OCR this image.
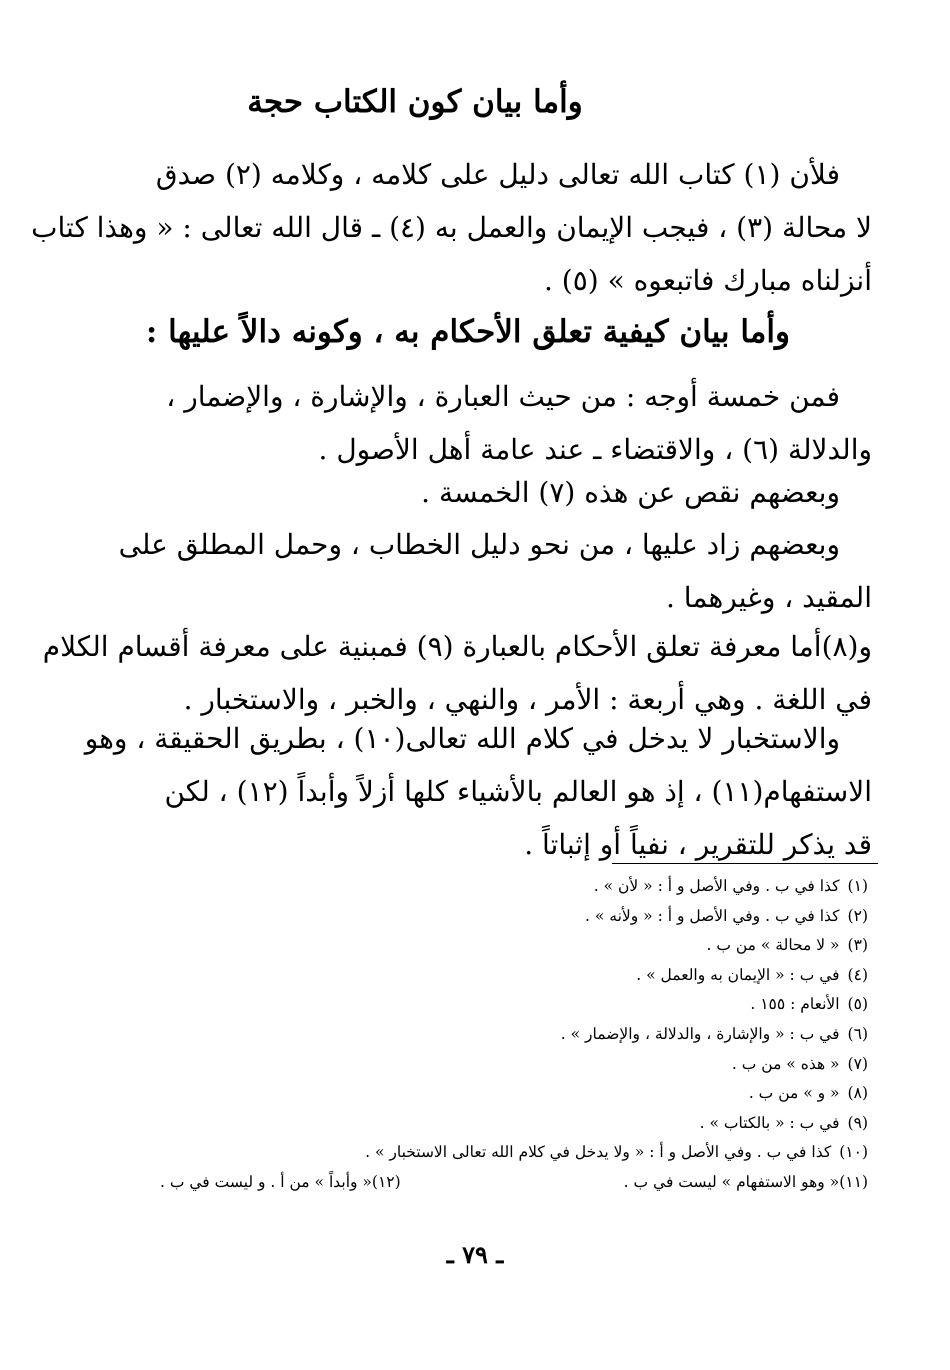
وأما بيان كون الكتاب حجة
فلأن (١) كتاب الله تعالى دليل على كلامه ، وكلامه (٢) صدق
لا محالة (٣) ، فيجب الإيمان والعمل به (٤) ـ قال الله تعالى : « وهذا كتاب
أنزلناه مبارك فاتبعوه » (٥) .
وأما بيان كيفية تعلق الأحكام به ، وكونه دالاً عليها :
فمن خمسة أوجه : من حيث العبارة ، والإشارة ، والإضمار ،
والدلالة (٦) ، والاقتضاء ـ عند عامة أهل الأصول .
وبعضهم نقص عن هذه (٧) الخمسة .
وبعضهم زاد عليها ، من نحو دليل الخطاب ، وحمل المطلق على
المقيد ، وغيرهما .
و(٨)أما معرفة تعلق الأحكام بالعبارة (٩) فمبنية على معرفة أقسام الكلام
في اللغة . وهي أربعة : الأمر ، والنهي ، والخبر ، والاستخبار .
والاستخبار لا يدخل في كلام الله تعالى(١٠) ، بطريق الحقيقة ، وهو
الاستفهام(١١) ، إذ هو العالم بالأشياء كلها أزلاً وأبداً (١٢) ، لكن
قد يذكر للتقرير ، نفياً أو إثباتاً .
(١)كذا في ب . وفي الأصل و أ : « لأن » .
(٢)كذا في ب . وفي الأصل و أ : « ولأنه » .
(٣)« لا محالة » من ب .
(٤)في ب : « الإيمان به والعمل » .
(٥)الأنعام : ١٥٥ .
(٦)في ب : « والإشارة ، والدلالة ، والإضمار » .
(٧)« هذه » من ب .
(٨)« و » من ب .
(٩)في ب : « بالكتاب » .
(١٠)كذا في ب . وفي الأصل و أ : « ولا يدخل في كلام الله تعالى الاستخبار » .
(١١)« وهو الاستفهام » ليست في ب .
(١٢)« وأبداً » من أ . و ليست في ب .
ـ ٧٩ ـ
